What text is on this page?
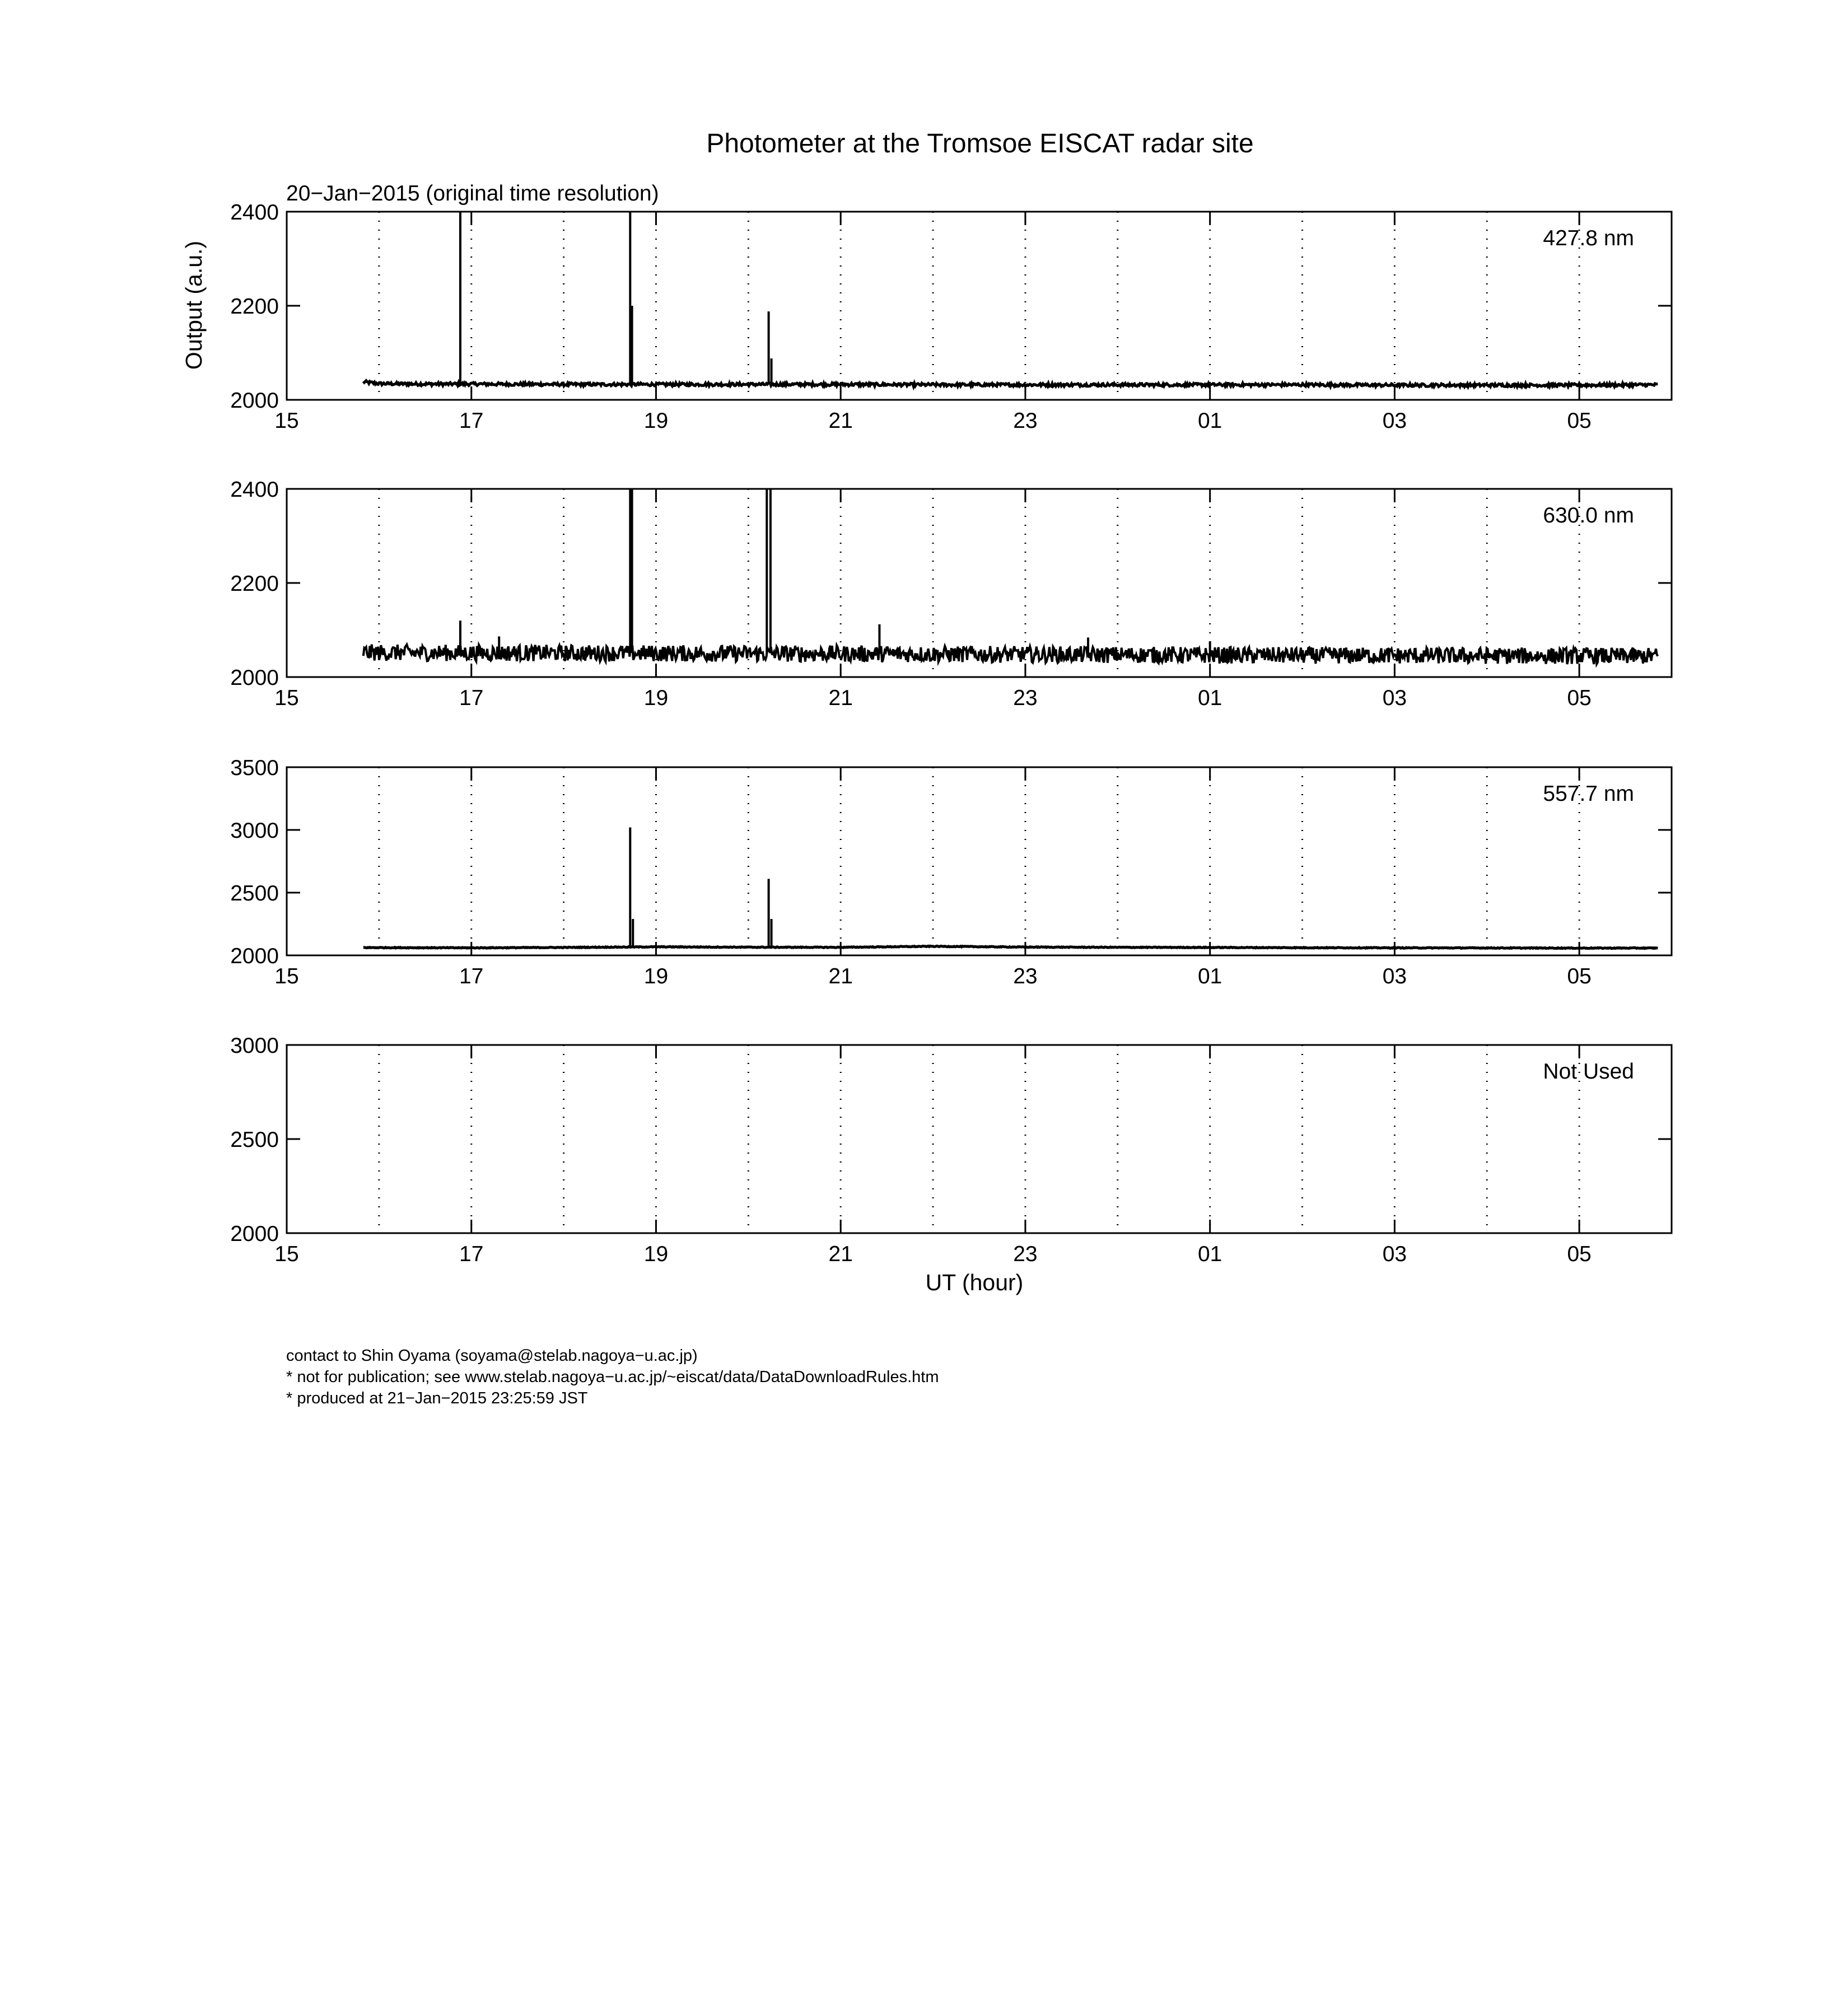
Photometer at the Tromsoe EISCAT radar site
20−Jan−2015 (original time resolution)
Output (a.u.)
UT (hour)
15	17	19	21	23	01	03	05
2000
2200
2400
427.8 nm
15	17	19	21	23	01	03	05
2000
2200
2400
630.0 nm
15	17	19	21	23	01	03	05
2000
2500
3000
3500
557.7 nm
15	17	19	21	23	01	03	05
2000
2500
3000
Not Used
contact to Shin Oyama (soyama@stelab.nagoya−u.ac.jp)
* not for publication; see www.stelab.nagoya−u.ac.jp/~eiscat/data/DataDownloadRules.htm
* produced at 21−Jan−2015 23:25:59 JST
